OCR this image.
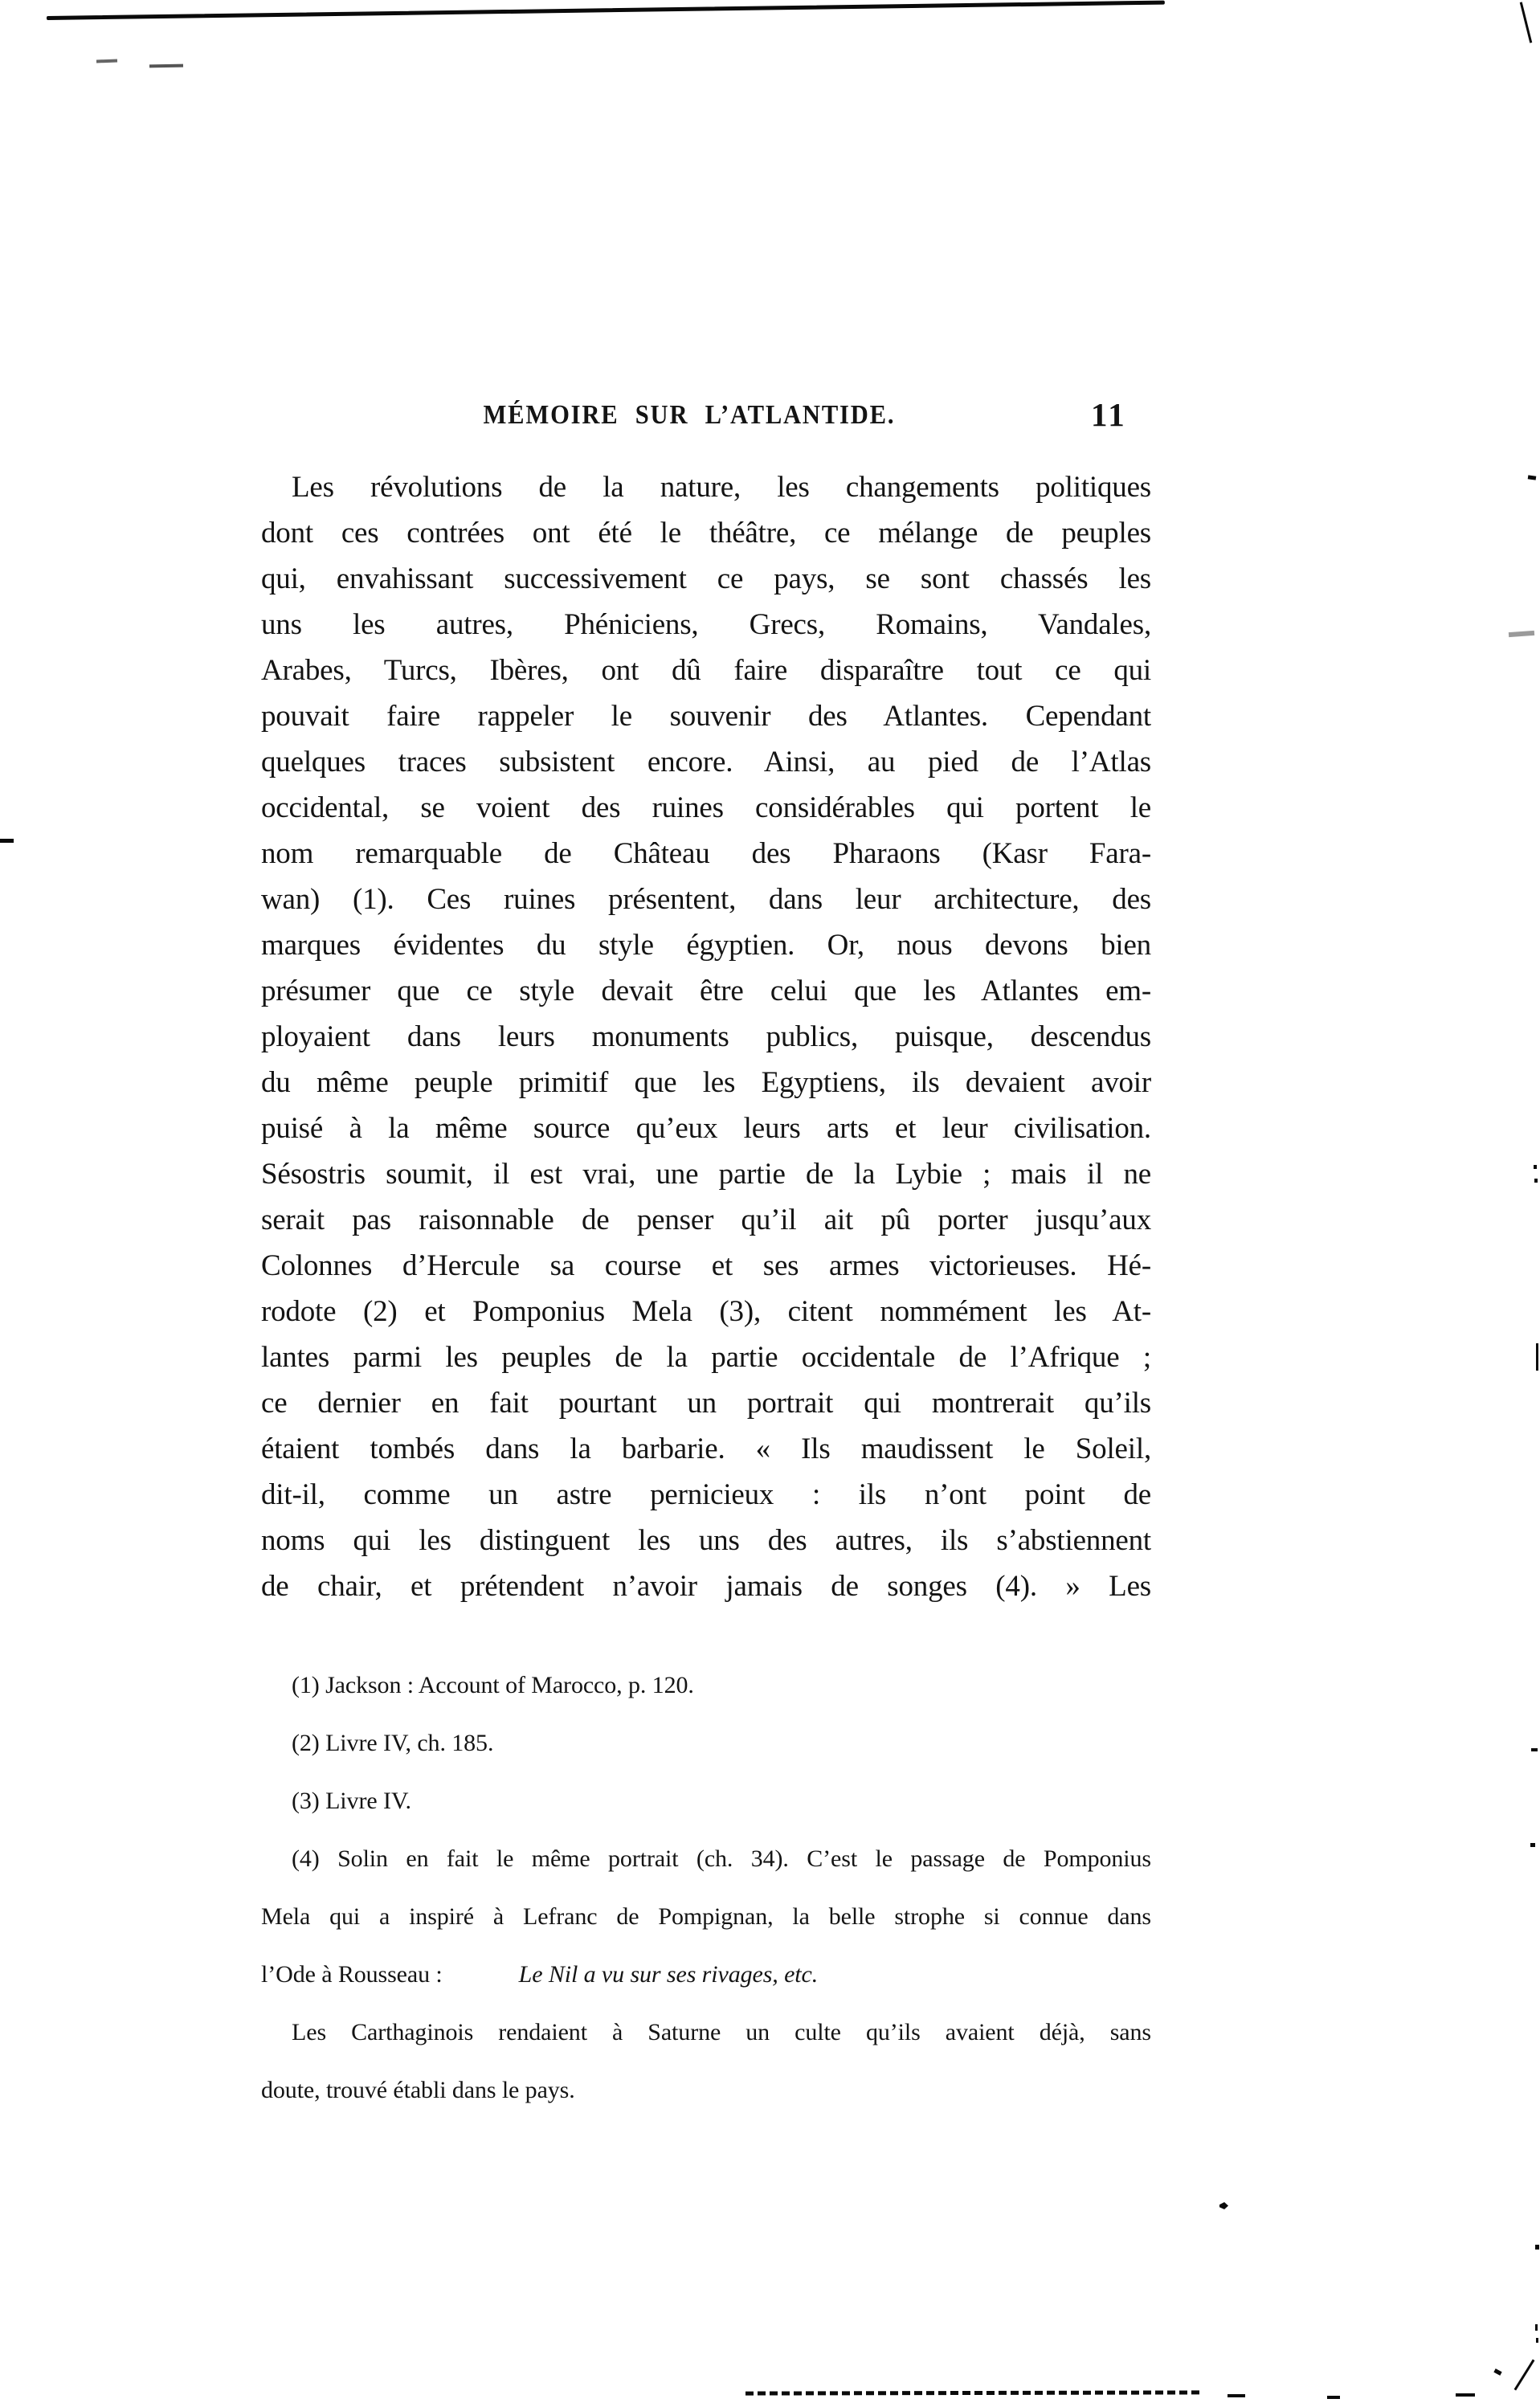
MÉMOIRE SUR L’ATLANTIDE.	11
Les révolutions de la nature, les changements politiques
dont ces contrées ont été le théâtre, ce mélange de peuples
qui, envahissant successivement ce pays, se sont chassés les
uns les autres, Phéniciens, Grecs, Romains, Vandales,
Arabes, Turcs, Ibères, ont dû faire disparaître tout ce qui
pouvait faire rappeler le souvenir des Atlantes. Cependant
quelques traces subsistent encore. Ainsi, au pied de l’Atlas
occidental, se voient des ruines considérables qui portent le
nom remarquable de Château des Pharaons (Kasr Fara-
wan) (1). Ces ruines présentent, dans leur architecture, des
marques évidentes du style égyptien. Or, nous devons bien
présumer que ce style devait être celui que les Atlantes em-
ployaient dans leurs monuments publics, puisque, descendus
du même peuple primitif que les Egyptiens, ils devaient avoir
puisé à la même source qu’eux leurs arts et leur civilisation.
Sésostris soumit, il est vrai, une partie de la Lybie ; mais il ne
serait pas raisonnable de penser qu’il ait pû porter jusqu’aux
Colonnes d’Hercule sa course et ses armes victorieuses. Hé-
rodote (2) et Pomponius Mela (3), citent nommément les At-
lantes parmi les peuples de la partie occidentale de l’Afrique ;
ce dernier en fait pourtant un portrait qui montrerait qu’ils
étaient tombés dans la barbarie. « Ils maudissent le Soleil,
dit-il, comme un astre pernicieux : ils n’ont point de
noms qui les distinguent les uns des autres, ils s’abstiennent
de chair, et prétendent n’avoir jamais de songes (4). » Les
(1) Jackson : Account of Marocco, p. 120.
(2) Livre IV, ch. 185.
(3) Livre IV.
(4) Solin en fait le même portrait (ch. 34). C’est le passage de Pomponius
Mela qui a inspiré à Lefranc de Pompignan, la belle strophe si connue dans
l’Ode à Rousseau :	Le Nil a vu sur ses rivages, etc.
Les Carthaginois rendaient à Saturne un culte qu’ils avaient déjà, sans
doute, trouvé établi dans le pays.
